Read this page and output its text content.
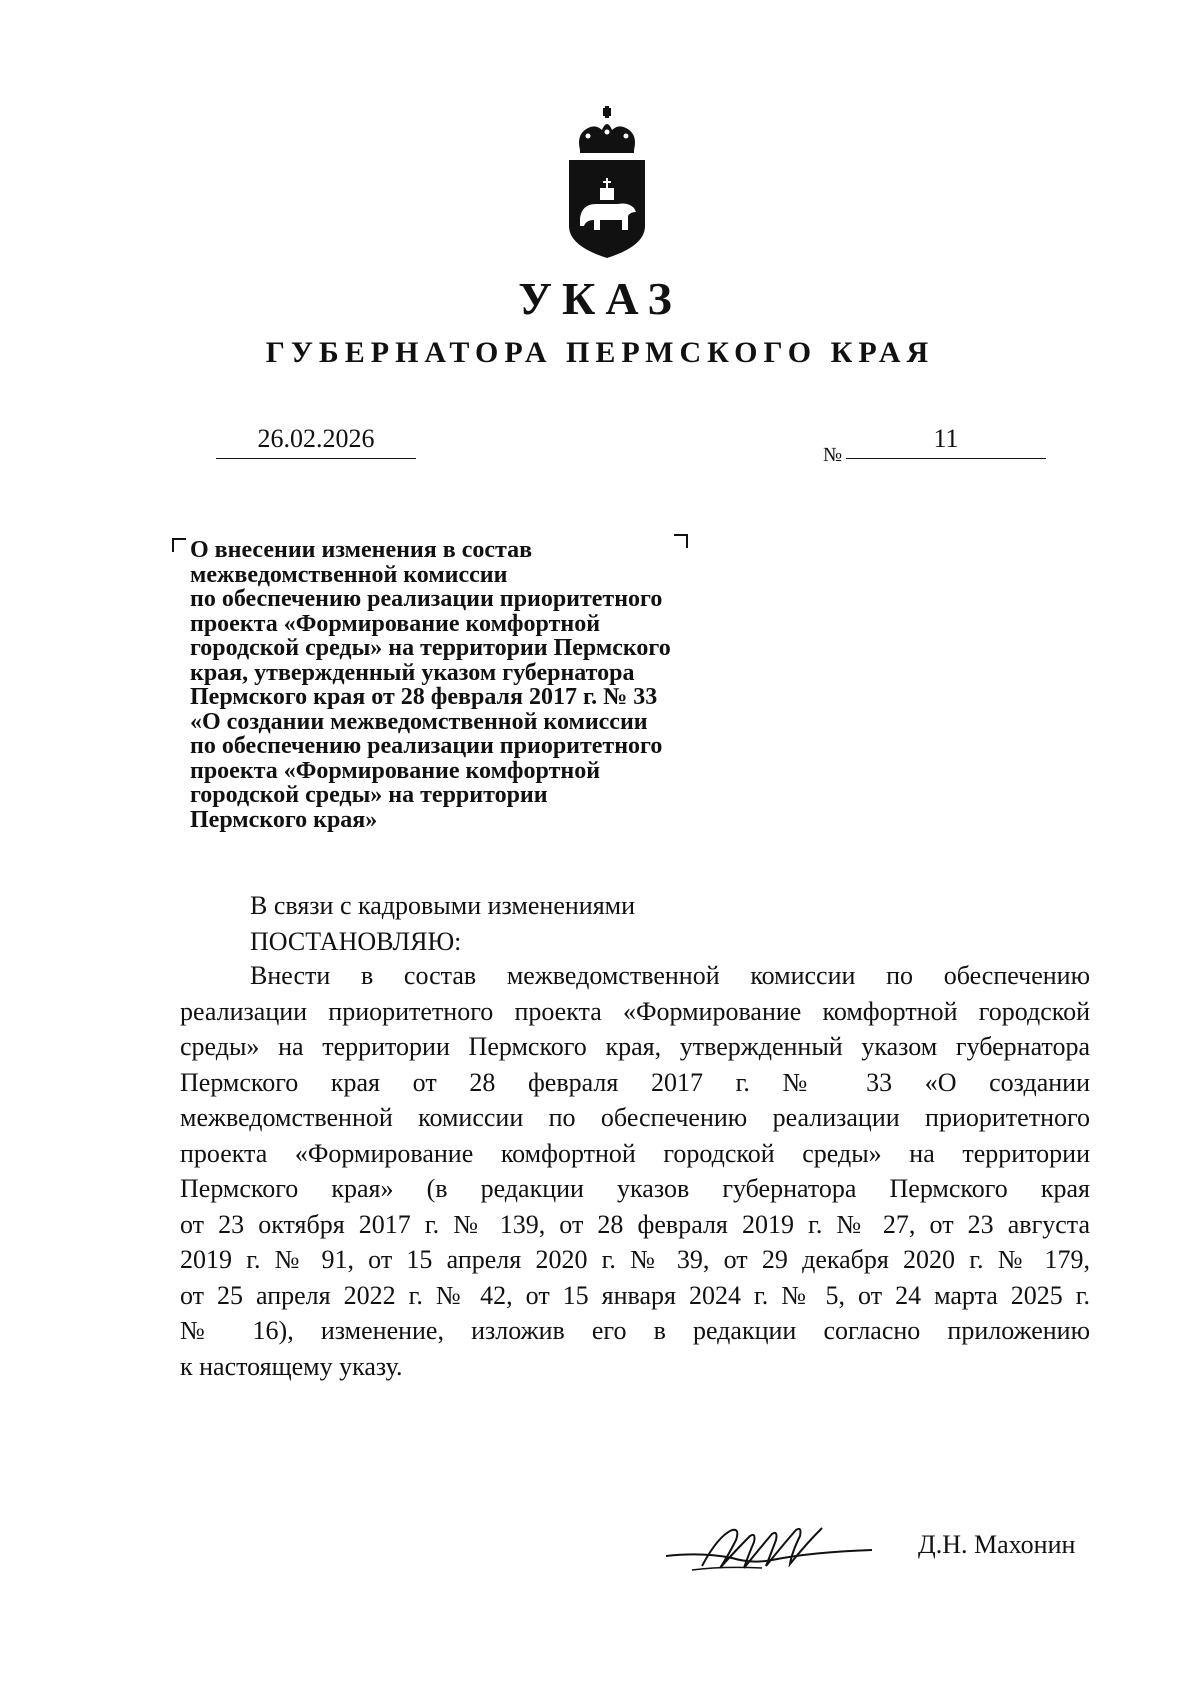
УКАЗ
ГУБЕРНАТОРА ПЕРМСКОГО КРАЯ
26.02.2026
№
11
О внесении изменения в состав
межведомственной комиссии
по обеспечению реализации приоритетного
проекта «Формирование комфортной
городской среды» на территории Пермского
края, утвержденный указом губернатора
Пермского края от 28 февраля 2017 г. № 33
«О создании межведомственной комиссии
по обеспечению реализации приоритетного
проекта «Формирование комфортной
городской среды» на территории
Пермского края»
В связи с кадровыми изменениями
ПОСТАНОВЛЯЮ:
Внести в состав межведомственной комиссии по обеспечению
реализации приоритетного проекта «Формирование комфортной городской
среды» на территории Пермского края, утвержденный указом губернатора
Пермского края от 28 февраля 2017 г. № 33 «О создании
межведомственной комиссии по обеспечению реализации приоритетного
проекта «Формирование комфортной городской среды» на территории
Пермского края» (в редакции указов губернатора Пермского края
от 23 октября 2017 г. № 139, от 28 февраля 2019 г. № 27, от 23 августа
2019 г. № 91, от 15 апреля 2020 г. № 39, от 29 декабря 2020 г. № 179,
от 25 апреля 2022 г. № 42, от 15 января 2024 г. № 5, от 24 марта 2025 г.
№ 16), изменение, изложив его в редакции согласно приложению
к настоящему указу.
Д.Н. Махонин
